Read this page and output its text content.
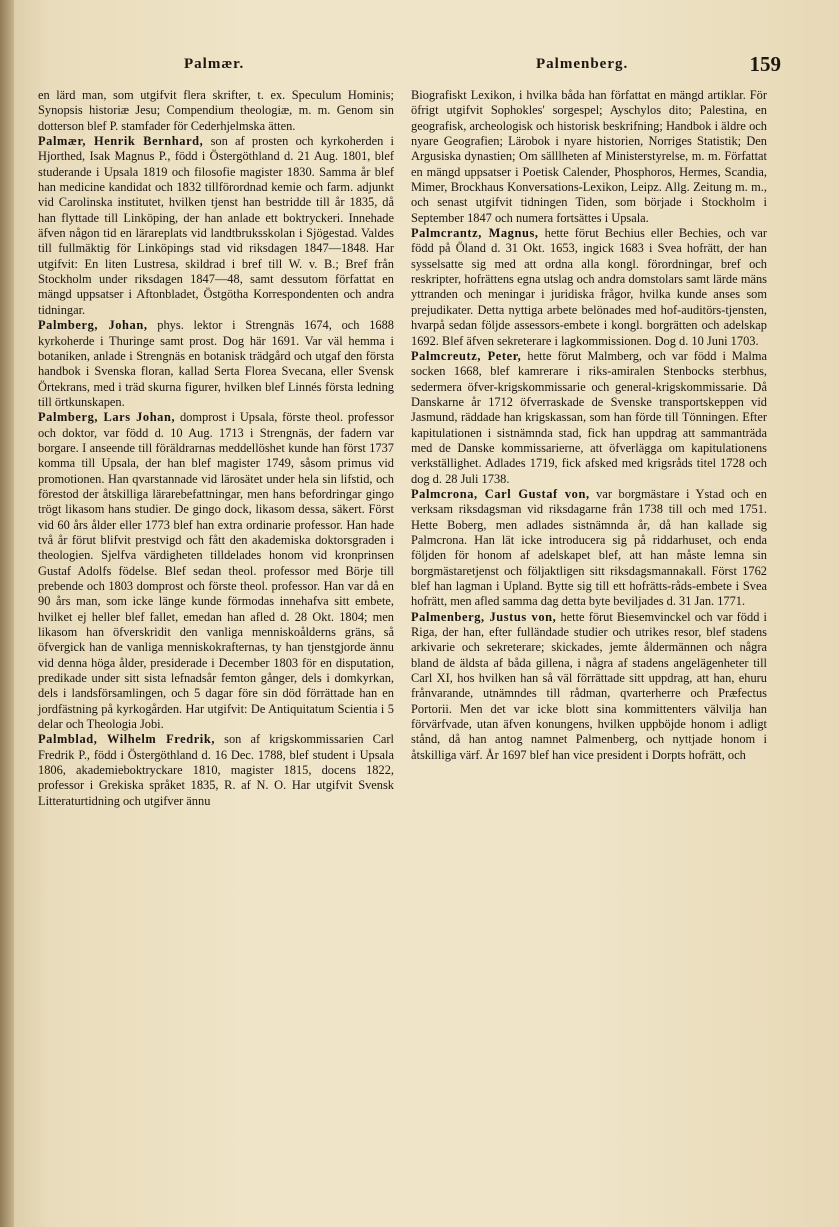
Palmær.	Palmenberg.	159

en lärd man, som utgifvit flera skrifter, t. ex. Speculum Hominis; Synopsis historiæ Jesu; Compendium theologiæ, m. m. Genom sin dotterson blef P. stamfader för Cederhjelmska ätten.

Palmær, Henrik Bernhard, son af prosten och kyrkoherden i Hjorthed, Isak Magnus P., född i Östergöthland d. 21 Aug. 1801, blef studerande i Upsala 1819 och filosofie magister 1830. Samma år blef han medicine kandidat och 1832 tillförordnad kemie och farm. adjunkt vid Carolinska institutet, hvilken tjenst han bestridde till år 1835, då han flyttade till Linköping, der han anlade ett boktryckeri. Innehade äfven någon tid en lärareplats vid landtbruksskolan i Sjögestad. Valdes till fullmäktig för Linköpings stad vid riksdagen 1847—1848. Har utgifvit: En liten Lustresa, skildrad i bref till W. v. B.; Bref från Stockholm under riksdagen 1847—48, samt dessutom författat en mängd uppsatser i Aftonbladet, Östgötha Korrespondenten och andra tidningar.

Palmberg, Johan, phys. lektor i Strengnäs 1674, och 1688 kyrkoherde i Thuringe samt prost. Dog här 1691. Var väl hemma i botaniken, anlade i Strengnäs en botanisk trädgård och utgaf den första handbok i Svenska floran, kallad Serta Florea Svecana, eller Svensk Örtekrans, med i träd skurna figurer, hvilken blef Linnés första ledning till örtkunskapen.

Palmberg, Lars Johan, domprost i Upsala, förste theol. professor och doktor, var född d. 10 Aug. 1713 i Strengnäs, der fadern var borgare. I anseende till föräldrarnas meddellöshet kunde han först 1737 komma till Upsala, der han blef magister 1749, såsom primus vid promotionen. Han qvarstannade vid lärosätet under hela sin lifstid, och förestod der åtskilliga lärarebefattningar, men hans befordringar gingo trögt likasom hans studier. De gingo dock, likasom dessa, säkert. Först vid 60 års ålder eller 1773 blef han extra ordinarie professor. Han hade två år förut blifvit prestvigd och fått den akademiska doktorsgraden i theologien. Sjelfva värdigheten tilldelades honom vid kronprinsen Gustaf Adolfs födelse. Blef sedan theol. professor med Börje till prebende och 1803 domprost och förste theol. professor. Han var då en 90 års man, som icke länge kunde förmodas innehafva sitt embete, hvilket ej heller blef fallet, emedan han afled d. 28 Okt. 1804; men likasom han öfverskridit den vanliga menniskoålderns gräns, så öfvergick han de vanliga menniskokrafternas, ty han tjenstgjorde ännu vid denna höga ålder, presiderade i December 1803 för en disputation, predikade under sitt sista lefnadsår femton gånger, dels i domkyrkan, dels i landsförsamlingen, och 5 dagar före sin död förrättade han en jordfästning på kyrkogården. Har utgifvit: De Antiquitatum Scientia i 5 delar och Theologia Jobi.

Palmblad, Wilhelm Fredrik, son af krigskommissarien Carl Fredrik P., född i Östergöthland d. 16 Dec. 1788, blef student i Upsala 1806, akademieboktryckare 1810, magister 1815, docens 1822, professor i Grekiska språket 1835, R. af N. O. Har utgifvit Svensk Litteraturtidning och utgifver ännu

Biografiskt Lexikon, i hvilka båda han författat en mängd artiklar. För öfrigt utgifvit Sophokles' sorgespel; Ayschylos dito; Palestina, en geografisk, archeologisk och historisk beskrifning; Handbok i äldre och nyare Geografien; Lärobok i nyare historien, Norriges Statistik; Den Argusiska dynastien; Om sälllheten af Ministerstyrelse, m. m. Författat en mängd uppsatser i Poetisk Calender, Phosphoros, Hermes, Scandia, Mimer, Brockhaus Konversations-Lexikon, Leipz. Allg. Zeitung m. m., och senast utgifvit tidningen Tiden, som började i Stockholm i September 1847 och numera fortsättes i Upsala.

Palmcrantz, Magnus, hette förut Bechius eller Bechies, och var född på Öland d. 31 Okt. 1653, ingick 1683 i Svea hofrätt, der han sysselsatte sig med att ordna alla kongl. förordningar, bref och reskripter, hofrättens egna utslag och andra domstolars samt lärde mäns yttranden och meningar i juridiska frågor, hvilka kunde anses som prejudikater. Detta nyttiga arbete belönades med hof-auditörs-tjensten, hvarpå sedan följde assessors-embete i kongl. borgrätten och adelskap 1692. Blef äfven sekreterare i lagkommissionen. Dog d. 10 Juni 1703.

Palmcreutz, Peter, hette förut Malmberg, och var född i Malma socken 1668, blef kamrerare i riks-amiralen Stenbocks sterbhus, sedermera öfver-krigskommissarie och general-krigskommissarie. Då Danskarne år 1712 öfverraskade de Svenske transportskeppen vid Jasmund, räddade han krigskassan, som han förde till Tönningen. Efter kapitulationen i sistnämnda stad, fick han uppdrag att sammanträda med de Danske kommissarierne, att öfverlägga om kapitulationens verkställighet. Adlades 1719, fick afsked med krigsråds titel 1728 och dog d. 28 Juli 1738.

Palmcrona, Carl Gustaf von, var borgmästare i Ystad och en verksam riksdagsman vid riksdagarne från 1738 till och med 1751. Hette Boberg, men adlades sistnämnda år, då han kallade sig Palmcrona. Han lät icke introducera sig på riddarhuset, och enda följden för honom af adelskapet blef, att han måste lemna sin borgmästaretjenst och följaktligen sitt riksdagsmannakall. Först 1762 blef han lagman i Upland. Bytte sig till ett hofrätts-råds-embete i Svea hofrätt, men afled samma dag detta byte beviljades d. 31 Jan. 1771.

Palmenberg, Justus von, hette förut Biesemvinckel och var född i Riga, der han, efter fulländade studier och utrikes resor, blef stadens arkivarie och sekreterare; skickades, jemte åldermännen och några bland de äldsta af båda gillena, i några af stadens angelägenheter till Carl XI, hos hvilken han så väl förrättade sitt uppdrag, att han, ehuru frånvarande, utnämndes till rådman, qvarterherre och Præfectus Portorii. Men det var icke blott sina kommittenters välvilja han förvärfvade, utan äfven konungens, hvilken uppböjde honom i adligt stånd, då han antog namnet Palmenberg, och nyttjade honom i åtskilliga värf. År 1697 blef han vice president i Dorpts hofrätt, och
